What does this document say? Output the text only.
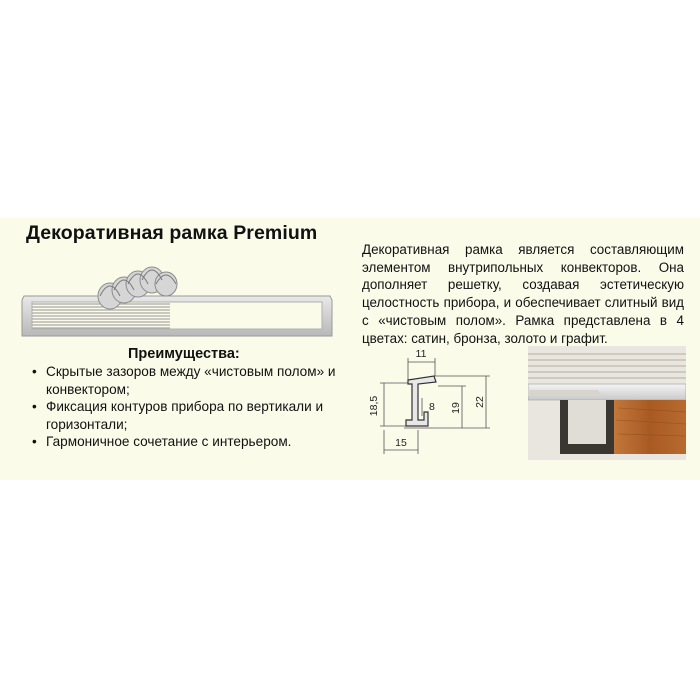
Декоративная рамка Premium
Преимущества:
• Скрытые зазоров между «чистовым полом» и конвектором;
• Фиксация контуров прибора по вертикали и горизонтали;
• Гармоничное сочетание с интерьером.
Декоративная рамка является составляющим элементом внутрипольных конвекторов. Она дополняет решетку, создавая эстетическую целостность прибора, и обеспечивает слитный вид с «чистовым полом». Рамка представлена в 4 цветах: сатин, бронза, золото и графит.
11
8
18,5	19
22
15
